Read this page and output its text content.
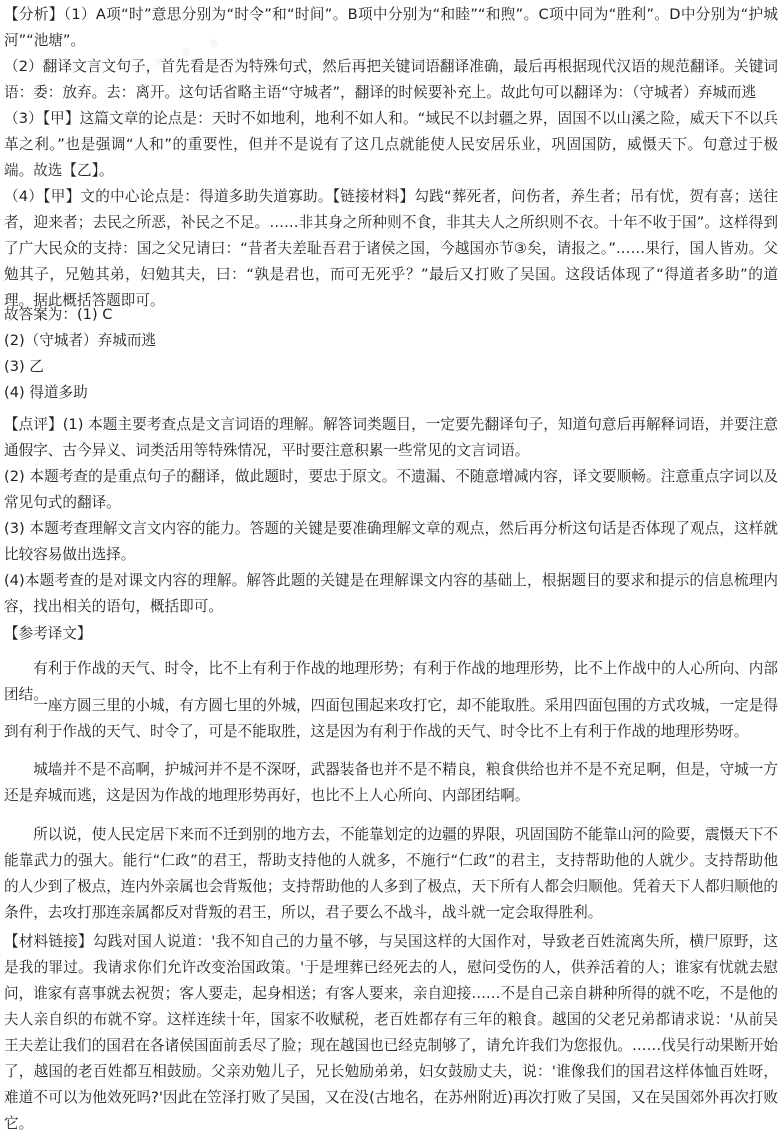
【分析】（1）A项“时”意思分别为“时令”和“时间”。B项中分别为“和睦”“和煦”。C项中同为“胜利”。D中分别为“护城河”“池塘”。

（2）翻译文言文句子，首先看是否为特殊句式，然后再把关键词语翻译准确，最后再根据现代汉语的规范翻译。关键词语：委：放弃。去：离开。这句话省略主语“守城者”，翻译的时候要补充上。故此句可以翻译为：（守城者）弃城而逃

（3）【甲】这篇文章的论点是：天时不如地利，地利不如人和。“域民不以封疆之界，固国不以山溪之险，威天下不以兵革之利。”也是强调“人和”的重要性，但并不是说有了这几点就能使人民安居乐业，巩固国防，威慑天下。句意过于极端。故选【乙】。

（4）【甲】文的中心论点是：得道多助失道寡助。【链接材料】勾践“葬死者，问伤者，养生者；吊有忧，贺有喜；送往者，迎来者；去民之所恶，补民之不足。……非其身之所种则不食，非其夫人之所织则不衣。十年不收于国”。这样得到了广大民众的支持：国之父兄请曰：“昔者夫差耻吾君于诸侯之国，今越国亦节③矣，请报之。”……果行，国人皆劝。父勉其子，兄勉其弟，妇勉其夫，曰：“孰是君也，而可无死乎？”最后又打败了吴国。这段话体现了“得道者多助”的道理。据此概括答题即可。

故答案为：(1) C

(2)（守城者）弃城而逃

(3) 乙

(4) 得道多助

【点评】(1) 本题主要考查点是文言词语的理解。解答词类题目，一定要先翻译句子，知道句意后再解释词语，并要注意通假字、古今异义、词类活用等特殊情况，平时要注意积累一些常见的文言词语。

(2) 本题考查的是重点句子的翻译，做此题时，要忠于原文。不遗漏、不随意增减内容，译文要顺畅。注意重点字词以及常见句式的翻译。

(3) 本题考查理解文言文内容的能力。答题的关键是要准确理解文章的观点，然后再分析这句话是否体现了观点，这样就比较容易做出选择。

(4)本题考查的是对课文内容的理解。解答此题的关键是在理解课文内容的基础上，根据题目的要求和提示的信息梳理内容，找出相关的语句，概括即可。

【参考译文】
有利于作战的天气、时令，比不上有利于作战的地理形势；有利于作战的地理形势，比不上作战中的人心所向、内部团结。
一座方圆三里的小城，有方圆七里的外城，四面包围起来攻打它，却不能取胜。采用四面包围的方式攻城，一定是得到有利于作战的天气、时令了，可是不能取胜，这是因为有利于作战的天气、时令比不上有利于作战的地理形势呀。
城墙并不是不高啊，护城河并不是不深呀，武器装备也并不是不精良，粮食供给也并不是不充足啊，但是，守城一方还是弃城而逃，这是因为作战的地理形势再好，也比不上人心所向、内部团结啊。
所以说，使人民定居下来而不迁到别的地方去，不能靠划定的边疆的界限，巩固国防不能靠山河的险要，震慑天下不能靠武力的强大。能行“仁政”的君王，帮助支持他的人就多，不施行“仁政”的君主，支持帮助他的人就少。支持帮助他的人少到了极点，连内外亲属也会背叛他；支持帮助他的人多到了极点，天下所有人都会归顺他。凭着天下人都归顺他的条件，去攻打那连亲属都反对背叛的君王，所以，君子要么不战斗，战斗就一定会取得胜利。
【材料链接】勾践对国人说道：'我不知自己的力量不够，与吴国这样的大国作对，导致老百姓流离失所，横尸原野，这是我的罪过。我请求你们允许改变治国政策。'于是埋葬已经死去的人，慰问受伤的人，供养活着的人；谁家有忧就去慰问，谁家有喜事就去祝贺；客人要走，起身相送；有客人要来，亲自迎接……不是自己亲自耕种所得的就不吃，不是他的夫人亲自织的布就不穿。这样连续十年，国家不收赋税，老百姓都存有三年的粮食。越国的父老兄弟都请求说：'从前吴王夫差让我们的国君在各诸侯国面前丢尽了脸；现在越国也已经克制够了，请允许我们为您报仇。……伐吴行动果断开始了，越国的老百姓都互相鼓励。父亲劝勉儿子，兄长勉励弟弟，妇女鼓励丈夫，说：'谁像我们的国君这样体恤百姓呀，难道不可以为他效死吗?'因此在笠泽打败了吴国，又在没(古地名，在苏州附近)再次打败了吴国，又在吴国郊外再次打败它。
